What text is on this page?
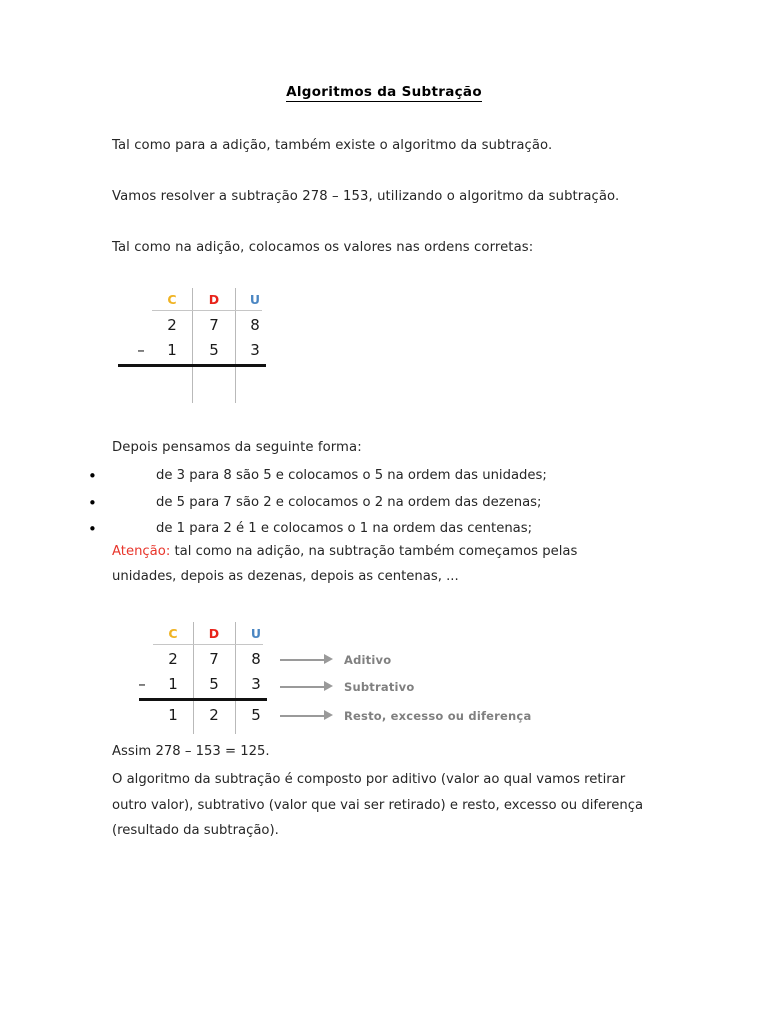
Algoritmos da Subtração
Tal como para a adição, também existe o algoritmo da subtração.
Vamos resolver a subtração 278 – 153, utilizando o algoritmo da subtração.
Tal como na adição, colocamos os valores nas ordens corretas:
C	D	U
2	7	8
–	1	5	3
Depois pensamos da seguinte forma:
•	de 3 para 8 são 5 e colocamos o 5 na ordem das unidades;
•	de 5 para 7 são 2 e colocamos o 2 na ordem das dezenas;
•	de 1 para 2 é 1 e colocamos o 1 na ordem das centenas;
Atenção: tal como na adição, na subtração também começamos pelas unidades, depois as dezenas, depois as centenas, ...
C	D	U
2	7	8
–	1	5	3
1	2	5
Aditivo
Subtrativo
Resto, excesso ou diferença
Assim 278 – 153 = 125.
O algoritmo da subtração é composto por aditivo (valor ao qual vamos retirar outro valor), subtrativo (valor que vai ser retirado) e resto, excesso ou diferença (resultado da subtração).
